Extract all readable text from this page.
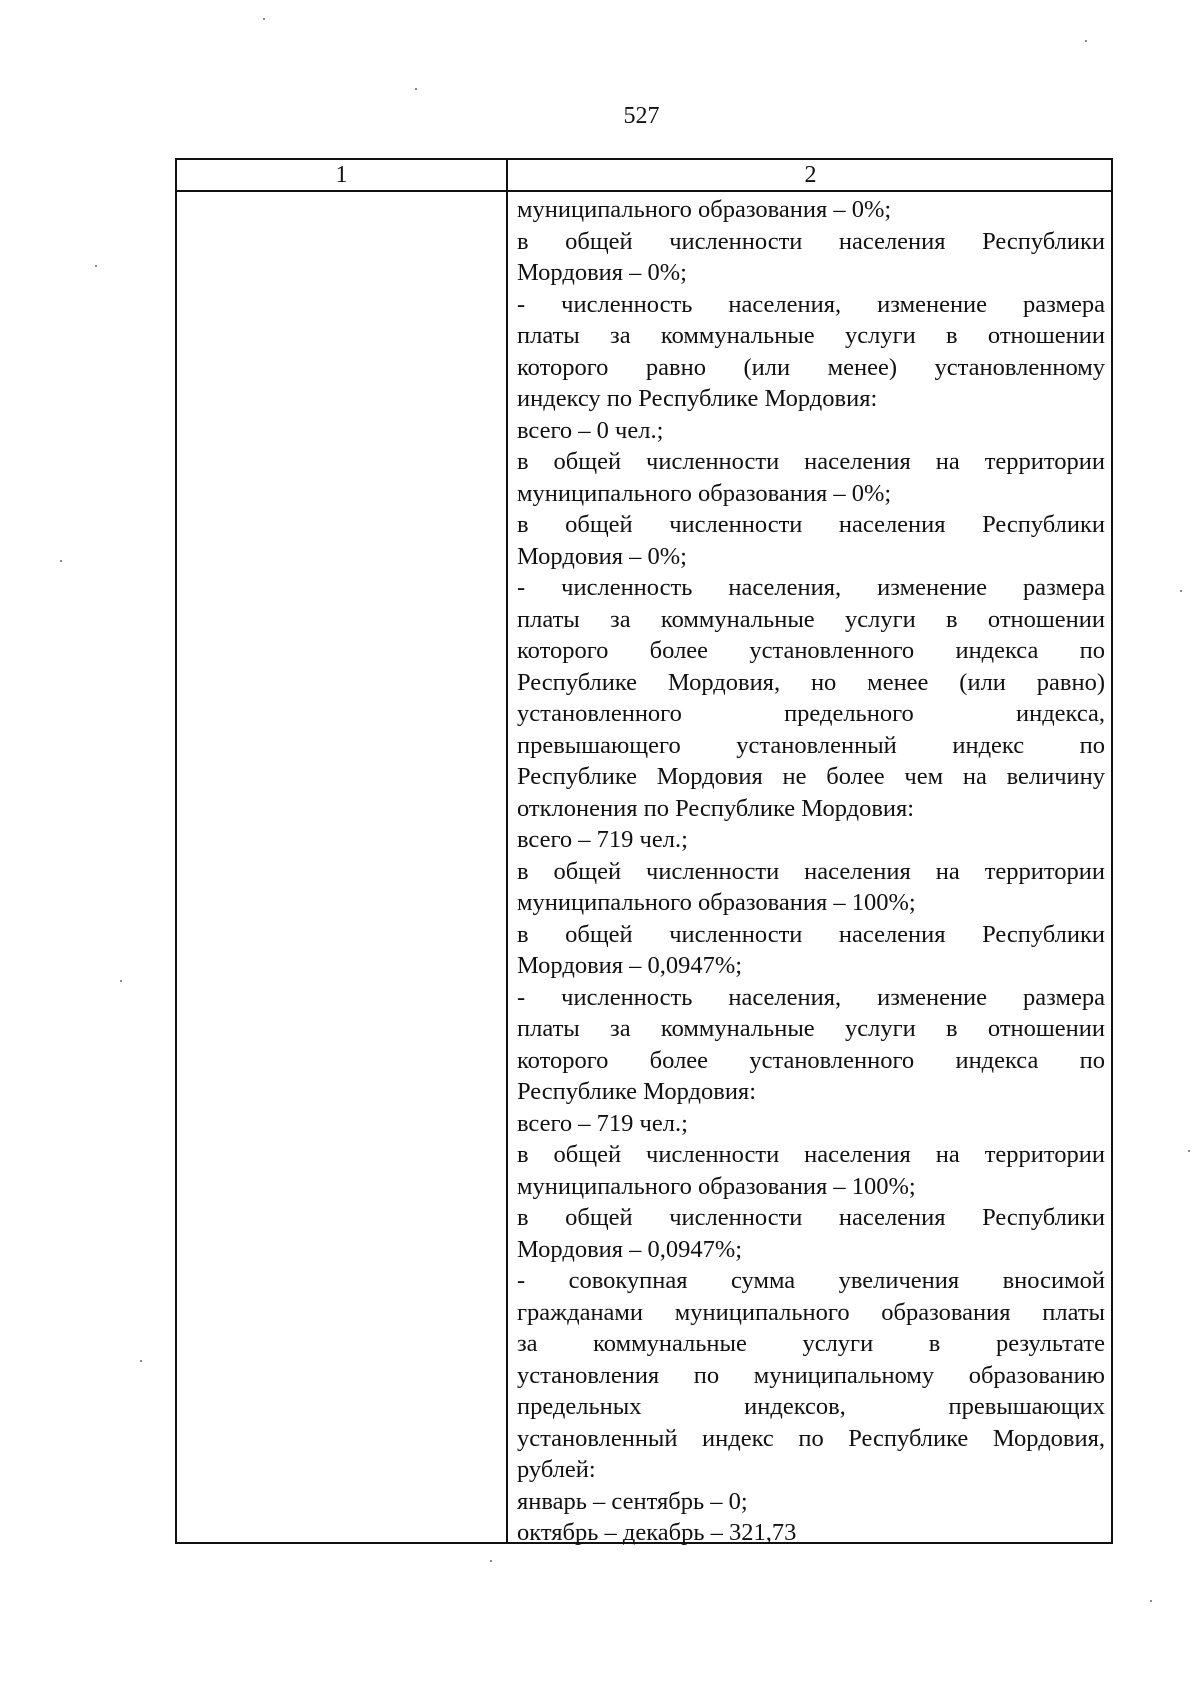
527
1	2
муниципального образования – 0%;
в общей численности населения Республики
Мордовия – 0%;
- численность населения, изменение размера
платы за коммунальные услуги в отношении
которого равно (или менее) установленному
индексу по Республике Мордовия:
всего – 0 чел.;
в общей численности населения на территории
муниципального образования – 0%;
в общей численности населения Республики
Мордовия – 0%;
- численность населения, изменение размера
платы за коммунальные услуги в отношении
которого более установленного индекса по
Республике Мордовия, но менее (или равно)
установленного предельного индекса,
превышающего установленный индекс по
Республике Мордовия не более чем на величину
отклонения по Республике Мордовия:
всего – 719 чел.;
в общей численности населения на территории
муниципального образования – 100%;
в общей численности населения Республики
Мордовия – 0,0947%;
- численность населения, изменение размера
платы за коммунальные услуги в отношении
которого более установленного индекса по
Республике Мордовия:
всего – 719 чел.;
в общей численности населения на территории
муниципального образования – 100%;
в общей численности населения Республики
Мордовия – 0,0947%;
- совокупная сумма увеличения вносимой
гражданами муниципального образования платы
за коммунальные услуги в результате
установления по муниципальному образованию
предельных индексов, превышающих
установленный индекс по Республике Мордовия,
рублей:
январь – сентябрь – 0;
октябрь – декабрь – 321,73
